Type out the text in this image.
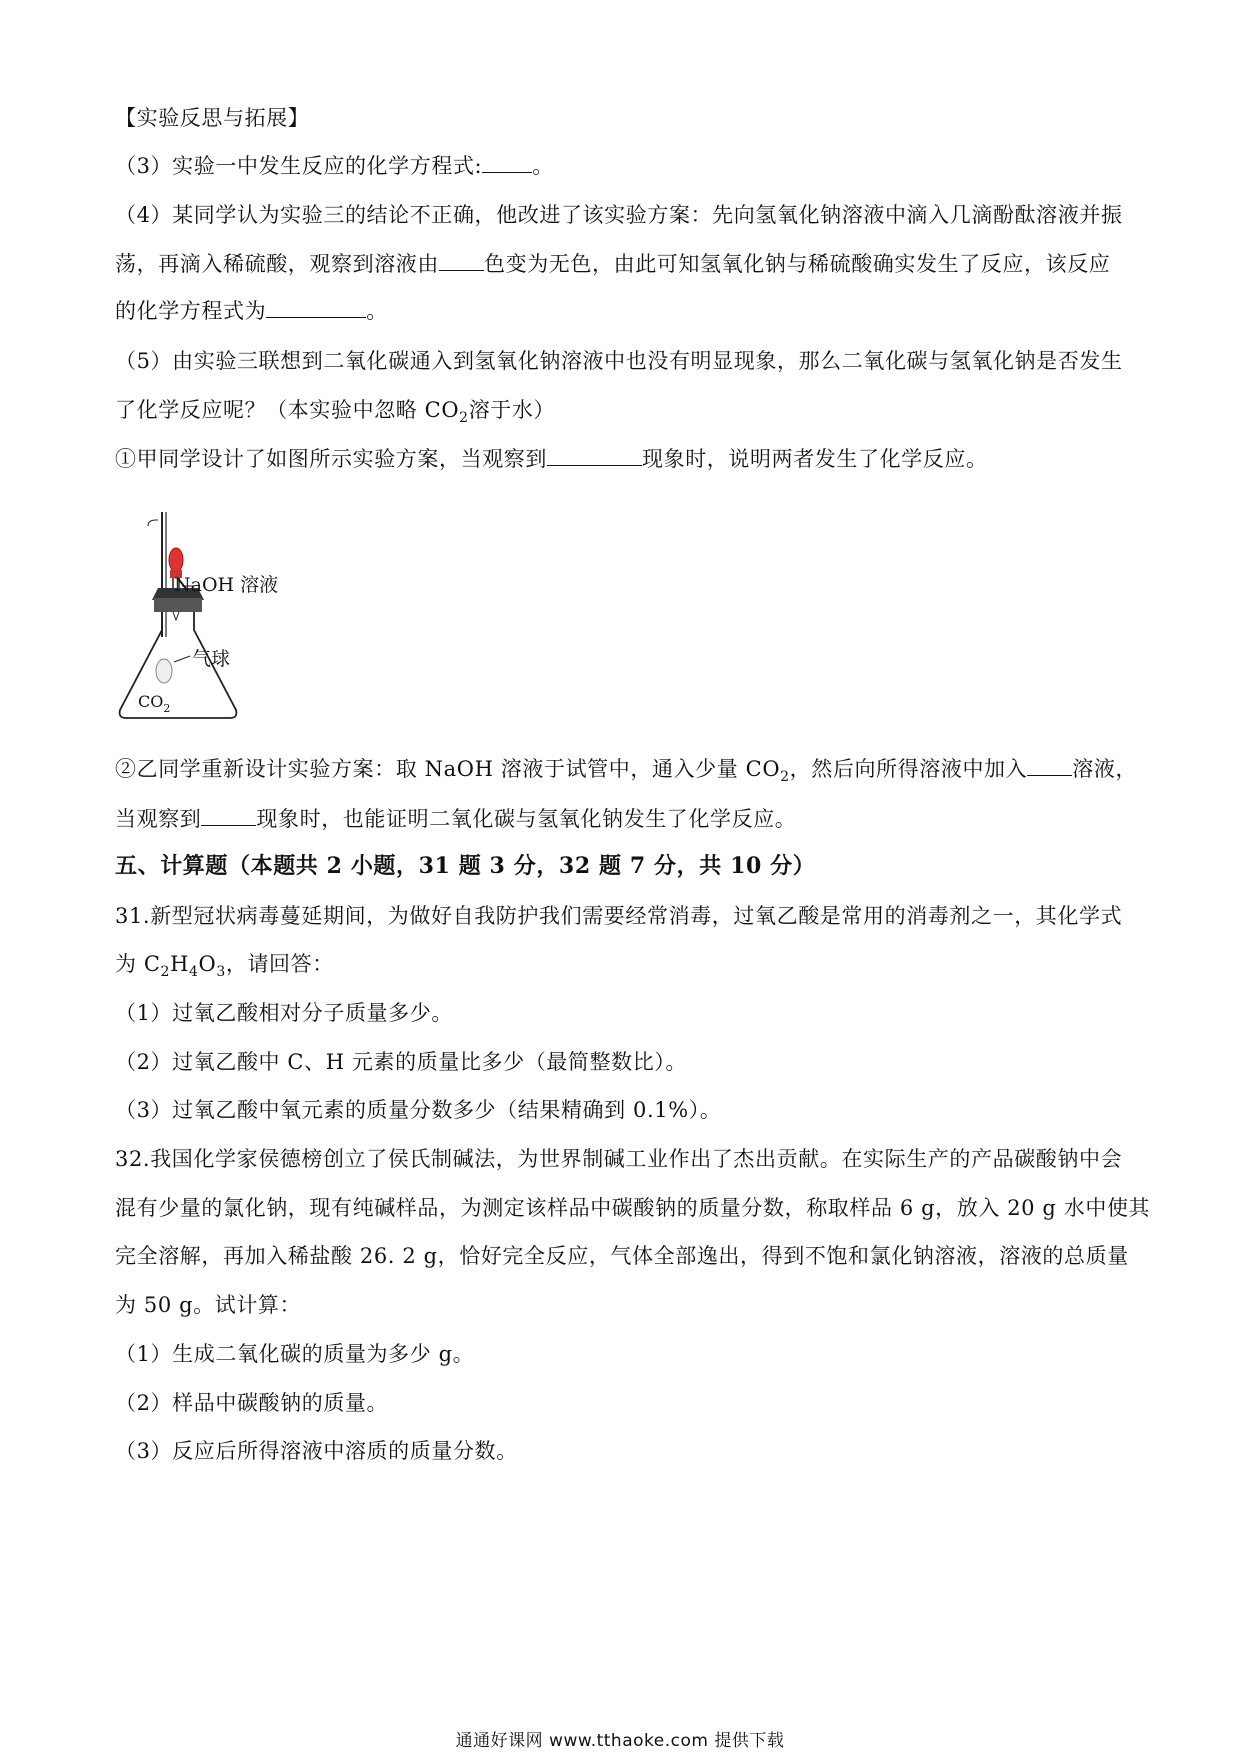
【实验反思与拓展】
（3）实验一中发生反应的化学方程式: 。
（4）某同学认为实验三的结论不正确，他改进了该实验方案：先向氢氧化钠溶液中滴入几滴酚酞溶液并振
荡，再滴入稀硫酸，观察到溶液由 色变为无色，由此可知氢氧化钠与稀硫酸确实发生了反应，该反应
的化学方程式为	。
（5）由实验三联想到二氧化碳通入到氢氧化钠溶液中也没有明显现象，那么二氧化碳与氢氧化钠是否发生
了化学反应呢？（本实验中忽略 $CO_2$溶于水）
①甲同学设计了如图所示实验方案，当观察到	现象时，说明两者发生了化学反应。
NaOH 溶液
气球
$CO_2$
②乙同学重新设计实验方案：取 NaOH 溶液于试管中，通入少量 $CO_2$，然后向所得溶液中加入 溶液，
当观察到	现象时，也能证明二氧化碳与氢氧化钠发生了化学反应。
五、计算题（本题共 2 小题，31 题 3 分，32 题 7 分，共 10 分）
31.新型冠状病毒蔓延期间，为做好自我防护我们需要经常消毒，过氧乙酸是常用的消毒剂之一，其化学式
为 $C_2H_4O_3$，请回答：
（1）过氧乙酸相对分子质量多少。
（2）过氧乙酸中 C、H 元素的质量比多少（最简整数比）。
（3）过氧乙酸中氧元素的质量分数多少（结果精确到 0.1%）。
32.我国化学家侯德榜创立了侯氏制碱法，为世界制碱工业作出了杰出贡献。在实际生产的产品碳酸钠中会
混有少量的氯化钠，现有纯碱样品，为测定该样品中碳酸钠的质量分数，称取样品 6 g，放入 20 g 水中使其
完全溶解，再加入稀盐酸 26. 2 g，恰好完全反应，气体全部逸出，得到不饱和氯化钠溶液，溶液的总质量
为 50 g。试计算：
（1）生成二氧化碳的质量为多少 g。
（2）样品中碳酸钠的质量。
（3）反应后所得溶液中溶质的质量分数。
通通好课网 www.tthaoke.com 提供下载
